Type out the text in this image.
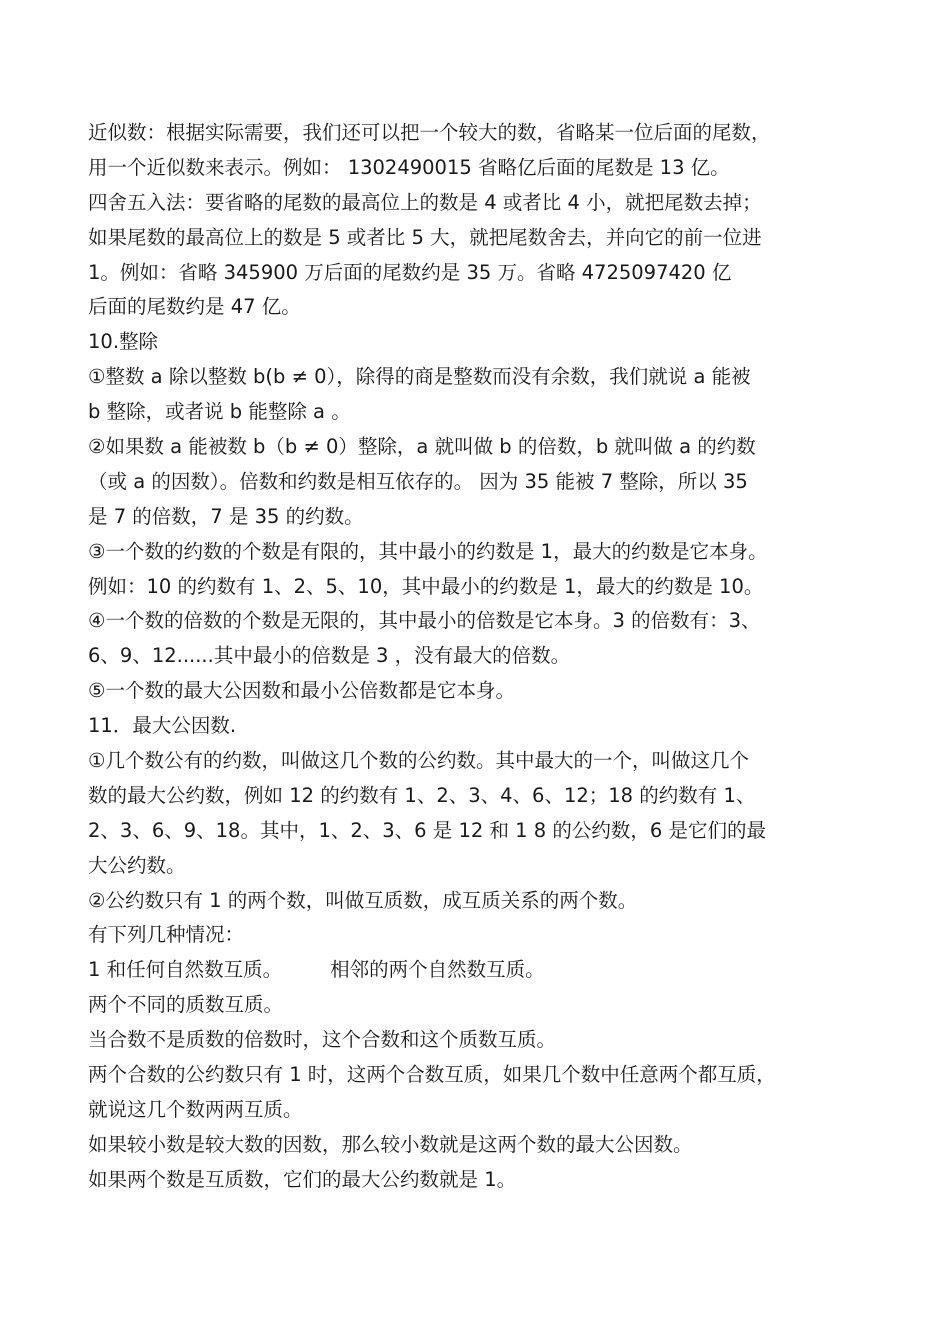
近似数：根据实际需要，我们还可以把一个较大的数，省略某一位后面的尾数，
用一个近似数来表示。例如： 1302490015 省略亿后面的尾数是 13 亿。
四舍五入法：要省略的尾数的最高位上的数是 4 或者比 4 小，就把尾数去掉；
如果尾数的最高位上的数是 5 或者比 5 大，就把尾数舍去，并向它的前一位进
1。例如：省略 345900 万后面的尾数约是 35 万。省略 4725097420 亿
后面的尾数约是 47 亿。
10.整除
①整数 a 除以整数 b(b ≠ 0），除得的商是整数而没有余数，我们就说 a 能被
b 整除，或者说 b 能整除 a 。
②如果数 a 能被数 b（b ≠ 0）整除，a 就叫做 b 的倍数，b 就叫做 a 的约数
（或 a 的因数）。倍数和约数是相互依存的。 因为 35 能被 7 整除，所以 35
是 7 的倍数，7 是 35 的约数。
③一个数的约数的个数是有限的，其中最小的约数是 1，最大的约数是它本身。
例如：10 的约数有 1、2、5、10，其中最小的约数是 1，最大的约数是 10。
④一个数的倍数的个数是无限的，其中最小的倍数是它本身。3 的倍数有：3、
6、9、12......其中最小的倍数是 3 ，没有最大的倍数。
⑤一个数的最大公因数和最小公倍数都是它本身。
11．最大公因数.
①几个数公有的约数，叫做这几个数的公约数。其中最大的一个，叫做这几个
数的最大公约数，例如 12 的约数有 1、2、3、4、6、12；18 的约数有 1、
2、3、6、9、18。其中，1、2、3、6 是 12 和 1 8 的公约数，6 是它们的最
大公约数。
②公约数只有 1 的两个数，叫做互质数，成互质关系的两个数。
有下列几种情况：
1 和任何自然数互质。 相邻的两个自然数互质。
两个不同的质数互质。
当合数不是质数的倍数时，这个合数和这个质数互质。
两个合数的公约数只有 1 时，这两个合数互质，如果几个数中任意两个都互质，
就说这几个数两两互质。
如果较小数是较大数的因数，那么较小数就是这两个数的最大公因数。
如果两个数是互质数，它们的最大公约数就是 1。
